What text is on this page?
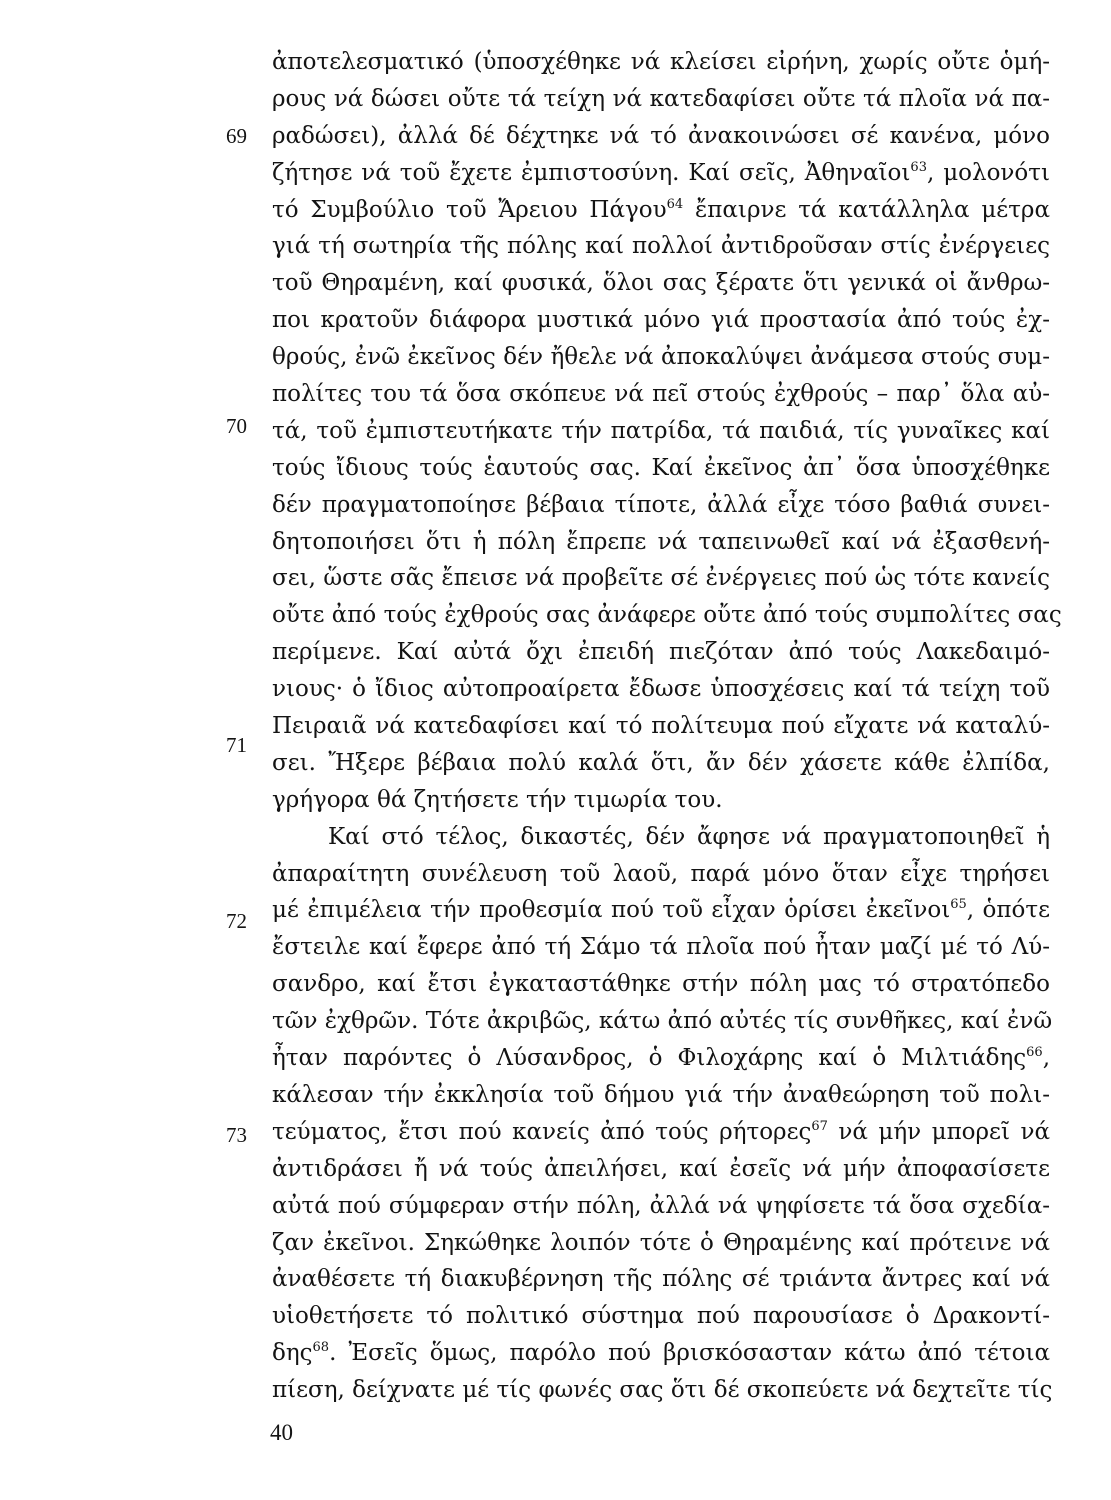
69
70
71
72
73
ἀποτελεσματικό (ὑποσχέθηκε νά κλείσει εἰρήνη, χωρίς οὔτε ὁμή-
ρους νά δώσει οὔτε τά τείχη νά κατεδαφίσει οὔτε τά πλοῖα νά πα-
ραδώσει), ἀλλά δέ δέχτηκε νά τό ἀνακοινώσει σέ κανένα, μόνο
ζήτησε νά τοῦ ἔχετε ἐμπιστοσύνη. Καί σεῖς, Ἀθηναῖοι$^{63}$, μολονότι
τό Συμβούλιο τοῦ Ἄρειου Πάγου$^{64}$ ἔπαιρνε τά κατάλληλα μέτρα
γιά τή σωτηρία τῆς πόλης καί πολλοί ἀντιδροῦσαν στίς ἐνέργειες
τοῦ Θηραμένη, καί φυσικά, ὅλοι σας ξέρατε ὅτι γενικά οἱ ἄνθρω-
ποι κρατοῦν διάφορα μυστικά μόνο γιά προστασία ἀπό τούς ἐχ-
θρούς, ἐνῶ ἐκεῖνος δέν ἤθελε νά ἀποκαλύψει ἀνάμεσα στούς συμ-
πολίτες του τά ὅσα σκόπευε νά πεῖ στούς ἐχθρούς – παρ᾽ ὅλα αὐ-
τά, τοῦ ἐμπιστευτήκατε τήν πατρίδα, τά παιδιά, τίς γυναῖκες καί
τούς ἴδιους τούς ἑαυτούς σας. Καί ἐκεῖνος ἀπ᾽ ὅσα ὑποσχέθηκε
δέν πραγματοποίησε βέβαια τίποτε, ἀλλά εἶχε τόσο βαθιά συνει-
δητοποιήσει ὅτι ἡ πόλη ἔπρεπε νά ταπεινωθεῖ καί νά ἐξασθενή-
σει, ὥστε σᾶς ἔπεισε νά προβεῖτε σέ ἐνέργειες πού ὡς τότε κανείς
οὔτε ἀπό τούς ἐχθρούς σας ἀνάφερε οὔτε ἀπό τούς συμπολίτες σας
περίμενε. Καί αὐτά ὄχι ἐπειδή πιεζόταν ἀπό τούς Λακεδαιμό-
νιους· ὁ ἴδιος αὐτοπροαίρετα ἔδωσε ὑποσχέσεις καί τά τείχη τοῦ
Πειραιᾶ νά κατεδαφίσει καί τό πολίτευμα πού εἴχατε νά καταλύ-
σει. Ἤξερε βέβαια πολύ καλά ὅτι, ἄν δέν χάσετε κάθε ἐλπίδα,
γρήγορα θά ζητήσετε τήν τιμωρία του.
Καί στό τέλος, δικαστές, δέν ἄφησε νά πραγματοποιηθεῖ ἡ
ἀπαραίτητη συνέλευση τοῦ λαοῦ, παρά μόνο ὅταν εἶχε τηρήσει
μέ ἐπιμέλεια τήν προθεσμία πού τοῦ εἶχαν ὁρίσει ἐκεῖνοι$^{65}$, ὁπότε
ἔστειλε καί ἔφερε ἀπό τή Σάμο τά πλοῖα πού ἦταν μαζί μέ τό Λύ-
σανδρο, καί ἔτσι ἐγκαταστάθηκε στήν πόλη μας τό στρατόπεδο
τῶν ἐχθρῶν. Τότε ἀκριβῶς, κάτω ἀπό αὐτές τίς συνθῆκες, καί ἐνῶ
ἦταν παρόντες ὁ Λύσανδρος, ὁ Φιλοχάρης καί ὁ Μιλτιάδης$^{66}$,
κάλεσαν τήν ἐκκλησία τοῦ δήμου γιά τήν ἀναθεώρηση τοῦ πολι-
τεύματος, ἔτσι πού κανείς ἀπό τούς ρήτορες$^{67}$ νά μήν μπορεῖ νά
ἀντιδράσει ἤ νά τούς ἀπειλήσει, καί ἐσεῖς νά μήν ἀποφασίσετε
αὐτά πού σύμφεραν στήν πόλη, ἀλλά νά ψηφίσετε τά ὅσα σχεδία-
ζαν ἐκεῖνοι. Σηκώθηκε λοιπόν τότε ὁ Θηραμένης καί πρότεινε νά
ἀναθέσετε τή διακυβέρνηση τῆς πόλης σέ τριάντα ἄντρες καί νά
υἱοθετήσετε τό πολιτικό σύστημα πού παρουσίασε ὁ Δρακοντί-
δης$^{68}$. Ἐσεῖς ὅμως, παρόλο πού βρισκόσασταν κάτω ἀπό τέτοια
πίεση, δείχνατε μέ τίς φωνές σας ὅτι δέ σκοπεύετε νά δεχτεῖτε τίς
40
